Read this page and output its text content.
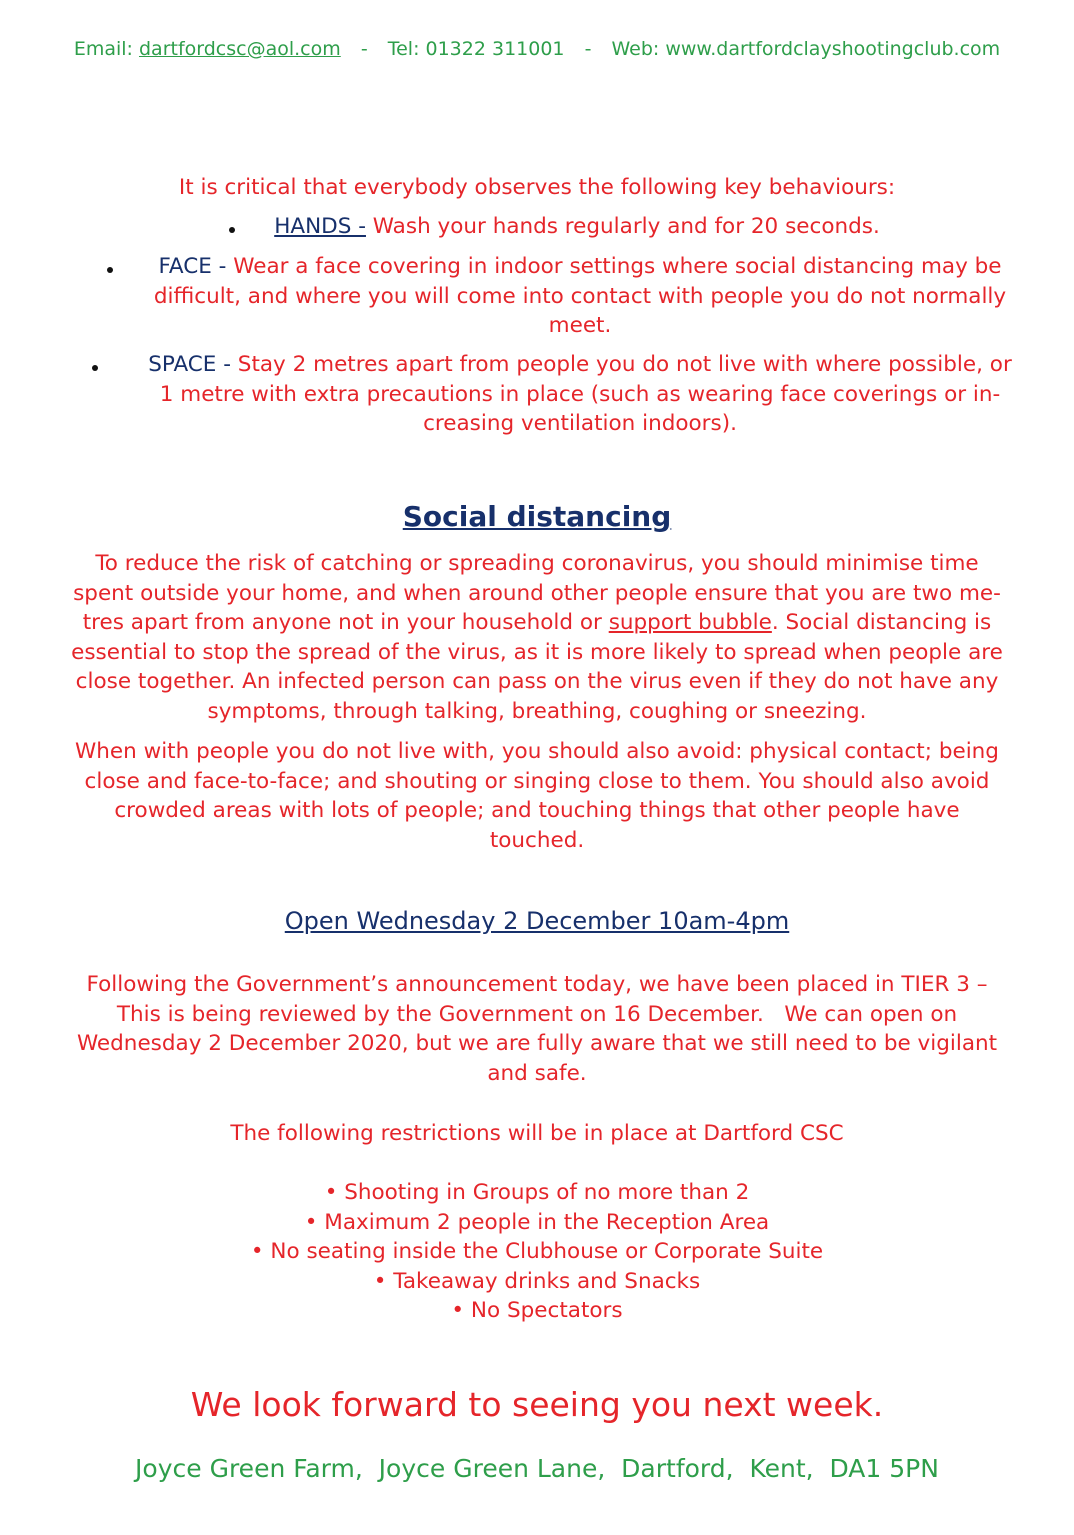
Email: dartfordcsc@aol.com - Tel: 01322 311001 - Web: www.dartfordclayshootingclub.com
It is critical that everybody observes the following key behaviours:
HANDS - Wash your hands regularly and for 20 seconds.
FACE - Wear a face covering in indoor settings where social distancing may be
difficult, and where you will come into contact with people you do not normally
meet.
SPACE - Stay 2 metres apart from people you do not live with where possible, or
1 metre with extra precautions in place (such as wearing face coverings or in-
creasing ventilation indoors).
Social distancing
To reduce the risk of catching or spreading coronavirus, you should minimise time
spent outside your home, and when around other people ensure that you are two me-
tres apart from anyone not in your household or support bubble. Social distancing is
essential to stop the spread of the virus, as it is more likely to spread when people are
close together. An infected person can pass on the virus even if they do not have any
symptoms, through talking, breathing, coughing or sneezing.
When with people you do not live with, you should also avoid: physical contact; being
close and face-to-face; and shouting or singing close to them. You should also avoid
crowded areas with lots of people; and touching things that other people have
touched.
Open Wednesday 2 December 10am-4pm
Following the Government’s announcement today, we have been placed in TIER 3 –
This is being reviewed by the Government on 16 December.   We can open on
Wednesday 2 December 2020, but we are fully aware that we still need to be vigilant
and safe.
The following restrictions will be in place at Dartford CSC
• Shooting in Groups of no more than 2
• Maximum 2 people in the Reception Area
• No seating inside the Clubhouse or Corporate Suite
• Takeaway drinks and Snacks
• No Spectators
We look forward to seeing you next week.
Joyce Green Farm,  Joyce Green Lane,  Dartford,  Kent,  DA1 5PN
